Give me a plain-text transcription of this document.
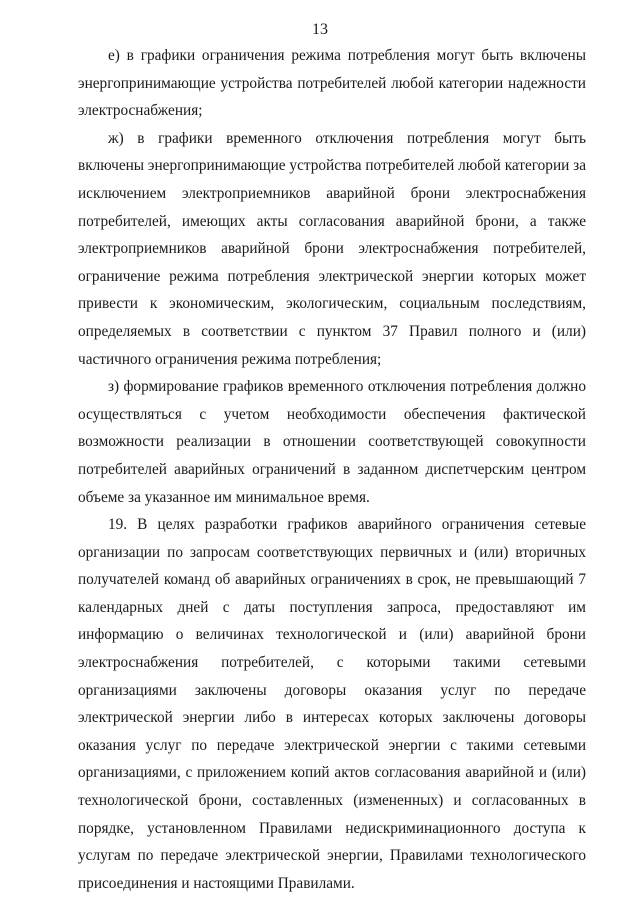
13

е) в графики ограничения режима потребления могут быть включены энергопринимающие устройства потребителей любой категории надежности электроснабжения;

ж) в графики временного отключения потребления могут быть включены энергопринимающие устройства потребителей любой категории за исключением электроприемников аварийной брони электроснабжения потребителей, имеющих акты согласования аварийной брони, а также электроприемников аварийной брони электроснабжения потребителей, ограничение режима потребления электрической энергии которых может привести к экономическим, экологическим, социальным последствиям, определяемых в соответствии с пунктом 37 Правил полного и (или) частичного ограничения режима потребления;

з) формирование графиков временного отключения потребления должно осуществляться с учетом необходимости обеспечения фактической возможности реализации в отношении соответствующей совокупности потребителей аварийных ограничений в заданном диспетчерским центром объеме за указанное им минимальное время.

19. В целях разработки графиков аварийного ограничения сетевые организации по запросам соответствующих первичных и (или) вторичных получателей команд об аварийных ограничениях в срок, не превышающий 7 календарных дней с даты поступления запроса, предоставляют им информацию о величинах технологической и (или) аварийной брони электроснабжения потребителей, с которыми такими сетевыми организациями заключены договоры оказания услуг по передаче электрической энергии либо в интересах которых заключены договоры оказания услуг по передаче электрической энергии с такими сетевыми организациями, с приложением копий актов согласования аварийной и (или) технологической брони, составленных (измененных) и согласованных в порядке, установленном Правилами недискриминационного доступа к услугам по передаче электрической энергии, Правилами технологического присоединения и настоящими Правилами.
